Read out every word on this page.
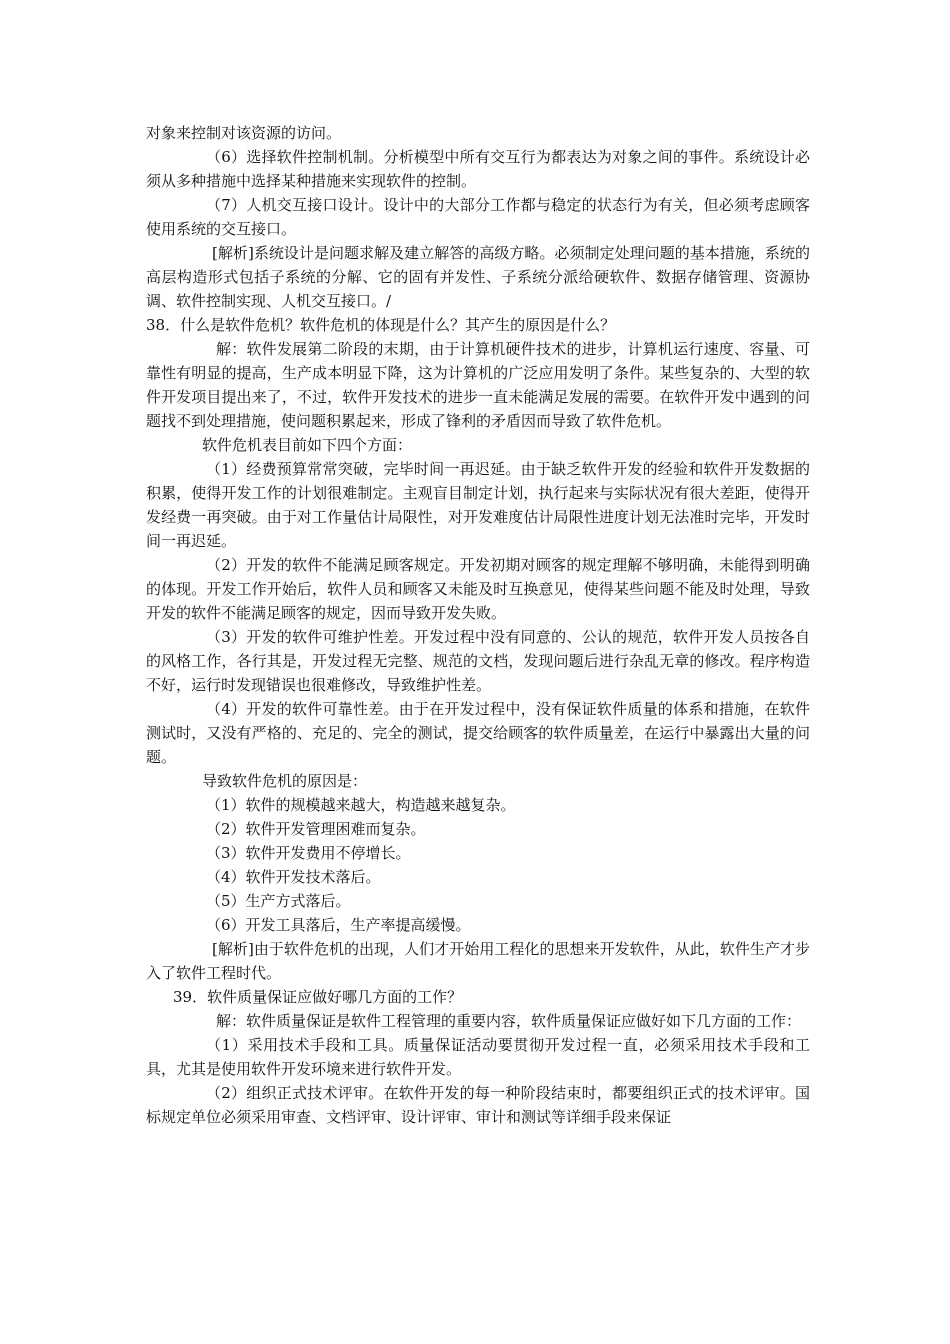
对象来控制对该资源的访问。

（6）选择软件控制机制。分析模型中所有交互行为都表达为对象之间的事件。系统设计必须从多种措施中选择某种措施来实现软件的控制。

（7）人机交互接口设计。设计中的大部分工作都与稳定的状态行为有关，但必须考虑顾客使用系统的交互接口。

[解析]系统设计是问题求解及建立解答的高级方略。必须制定处理问题的基本措施，系统的高层构造形式包括子系统的分解、它的固有并发性、子系统分派给硬软件、数据存储管理、资源协调、软件控制实现、人机交互接口。/

38．什么是软件危机？软件危机的体现是什么？其产生的原因是什么？

解：软件发展第二阶段的末期，由于计算机硬件技术的进步，计算机运行速度、容量、可靠性有明显的提高，生产成本明显下降，这为计算机的广泛应用发明了条件。某些复杂的、大型的软件开发项目提出来了，不过，软件开发技术的进步一直未能满足发展的需要。在软件开发中遇到的问题找不到处理措施，使问题积累起来，形成了锋利的矛盾因而导致了软件危机。

软件危机表目前如下四个方面：

（1）经费预算常常突破，完毕时间一再迟延。由于缺乏软件开发的经验和软件开发数据的积累，使得开发工作的计划很难制定。主观盲目制定计划，执行起来与实际状况有很大差距，使得开发经费一再突破。由于对工作量估计局限性，对开发难度估计局限性进度计划无法准时完毕，开发时间一再迟延。

（2）开发的软件不能满足顾客规定。开发初期对顾客的规定理解不够明确，未能得到明确的体现。开发工作开始后，软件人员和顾客又未能及时互换意见，使得某些问题不能及时处理，导致开发的软件不能满足顾客的规定，因而导致开发失败。

（3）开发的软件可维护性差。开发过程中没有同意的、公认的规范，软件开发人员按各自的风格工作，各行其是，开发过程无完整、规范的文档，发现问题后进行杂乱无章的修改。程序构造不好，运行时发现错误也很难修改，导致维护性差。

（4）开发的软件可靠性差。由于在开发过程中，没有保证软件质量的体系和措施，在软件测试时，又没有严格的、充足的、完全的测试，提交给顾客的软件质量差，在运行中暴露出大量的问题。

导致软件危机的原因是：

（1）软件的规模越来越大，构造越来越复杂。

（2）软件开发管理困难而复杂。

（3）软件开发费用不停增长。

（4）软件开发技术落后。

（5）生产方式落后。

（6）开发工具落后，生产率提高缓慢。

[解析]由于软件危机的出现，人们才开始用工程化的思想来开发软件，从此，软件生产才步入了软件工程时代。

39．软件质量保证应做好哪几方面的工作？

解：软件质量保证是软件工程管理的重要内容，软件质量保证应做好如下几方面的工作：

（1）采用技术手段和工具。质量保证活动要贯彻开发过程一直，必须采用技术手段和工具，尤其是使用软件开发环境来进行软件开发。

（2）组织正式技术评审。在软件开发的每一种阶段结束时，都要组织正式的技术评审。国标规定单位必须采用审查、文档评审、设计评审、审计和测试等详细手段来保证
